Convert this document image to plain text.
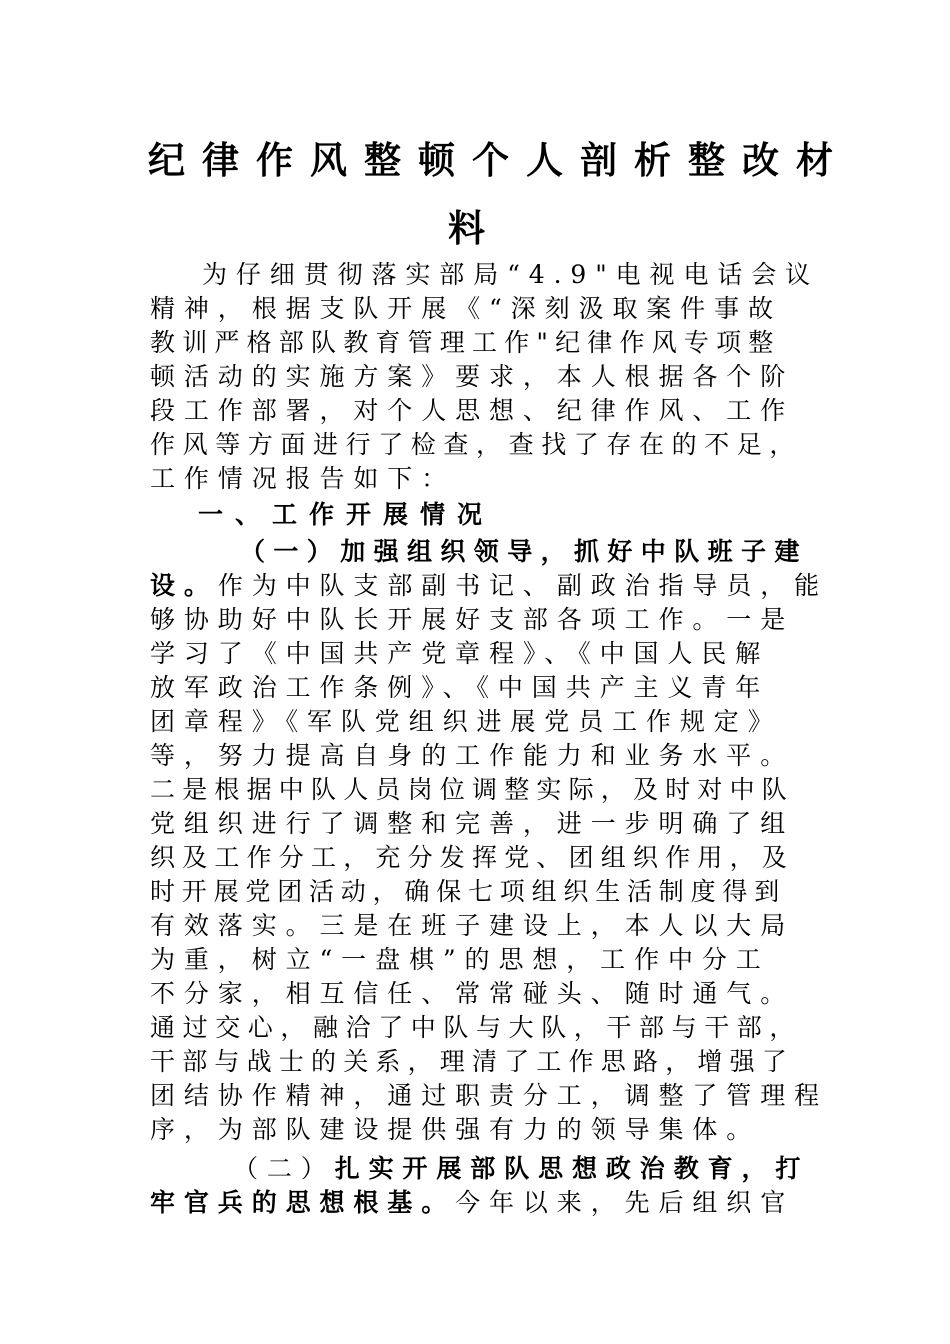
纪律作风整顿个人剖析整改材
料
为仔细贯彻落实部局“4.9"电视电话会议
精神，根据支队开展《“深刻汲取案件事故
教训严格部队教育管理工作"纪律作风专项整
顿活动的实施方案》要求，本人根据各个阶
段工作部署，对个人思想、纪律作风、工作
作风等方面进行了检查，查找了存在的不足，
工作情况报告如下：
一、工作开展情况
（一）加强组织领导，抓好中队班子建
设。作为中队支部副书记、副政治指导员，能
够协助好中队长开展好支部各项工作。一是
学习了《中国共产党章程》、《中国人民解
放军政治工作条例》、《中国共产主义青年
团章程》《军队党组织进展党员工作规定》
等，努力提高自身的工作能力和业务水平。
二是根据中队人员岗位调整实际，及时对中队
党组织进行了调整和完善，进一步明确了组
织及工作分工，充分发挥党、团组织作用，及
时开展党团活动，确保七项组织生活制度得到
有效落实。三是在班子建设上，本人以大局
为重，树立“一盘棋”的思想，工作中分工
不分家，相互信任、常常碰头、随时通气。
通过交心，融洽了中队与大队，干部与干部，
干部与战士的关系，理清了工作思路，增强了
团结协作精神，通过职责分工，调整了管理程
序，为部队建设提供强有力的领导集体。
（二）扎实开展部队思想政治教育，打
牢官兵的思想根基。今年以来，先后组织官
